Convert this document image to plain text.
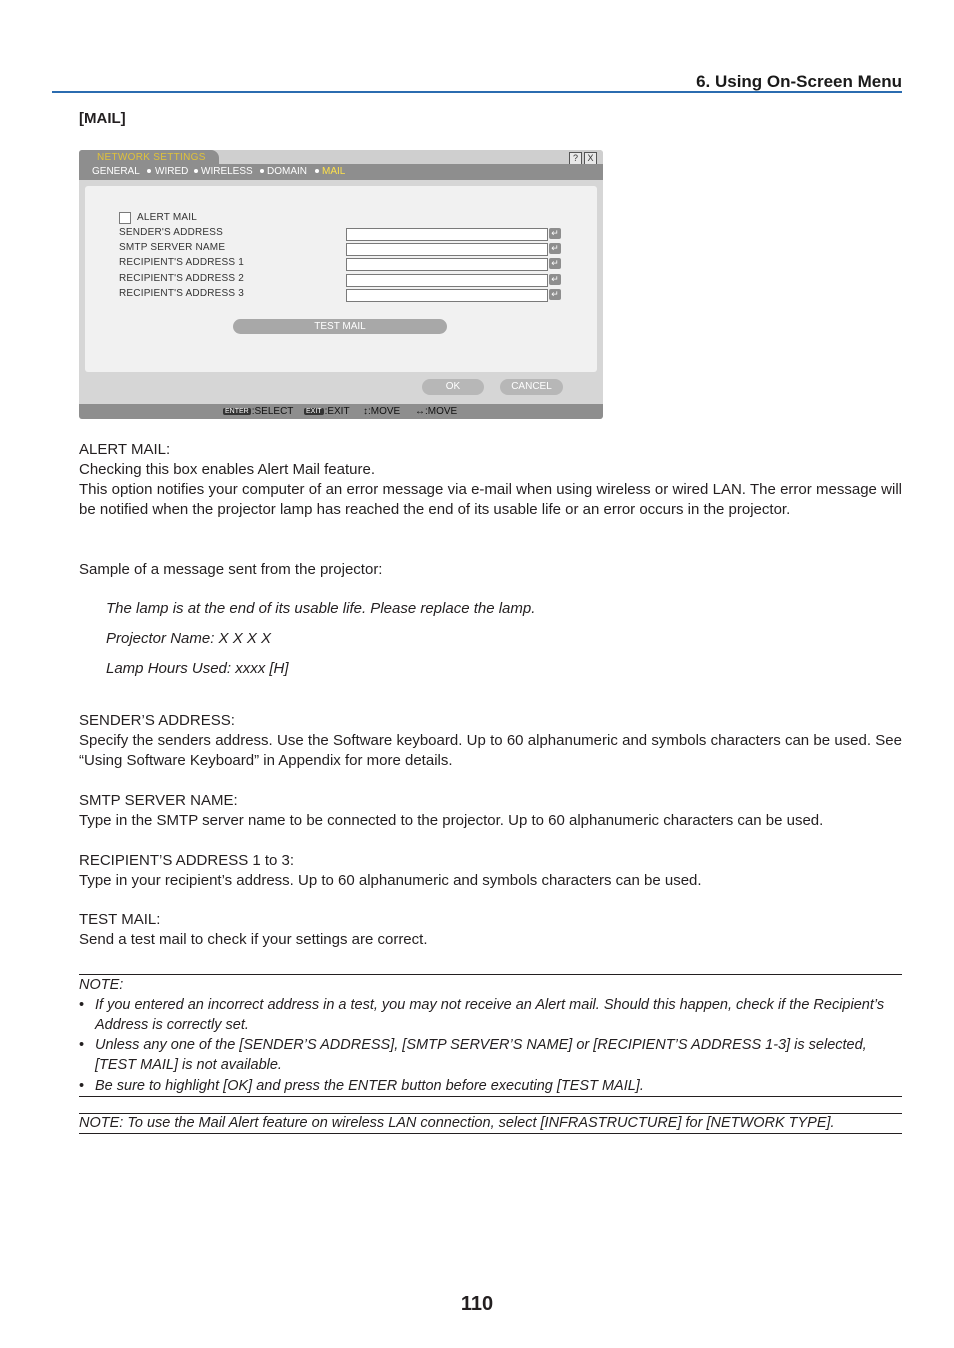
6. Using On-Screen Menu
[MAIL]
NETWORK SETTINGS	?	X
GENERAL WIRED WIRELESS DOMAIN MAIL
ALERT MAIL
SENDER'S ADDRESS	↵
SMTP SERVER NAME	↵
RECIPIENT'S ADDRESS 1	↵
RECIPIENT'S ADDRESS 2	↵
RECIPIENT'S ADDRESS 3	↵
TEST MAIL
OK	CANCEL
ENTER :SELECT EXIT :EXIT ↕:MOVE ↔:MOVE
ALERT MAIL:
Checking this box enables Alert Mail feature.
This option notifies your computer of an error message via e-mail when using wireless or wired LAN. The error message will be notified when the projector lamp has reached the end of its usable life or an error occurs in the projector.
Sample of a message sent from the projector:
The lamp is at the end of its usable life. Please replace the lamp.
Projector Name: X X X X
Lamp Hours Used: xxxx [H]
SENDER’S ADDRESS:
Specify the senders address. Use the Software keyboard. Up to 60 alphanumeric and symbols characters can be used. See “Using Software Keyboard” in Appendix for more details.
SMTP SERVER NAME:
Type in the SMTP server name to be connected to the projector. Up to 60 alphanumeric characters can be used.
RECIPIENT’S ADDRESS 1 to 3:
Type in your recipient’s address. Up to 60 alphanumeric and symbols characters can be used.
TEST MAIL:
Send a test mail to check if your settings are correct.
NOTE:
• If you entered an incorrect address in a test, you may not receive an Alert mail. Should this happen, check if the Recipient’s Address is correctly set.
• Unless any one of the [SENDER’S ADDRESS], [SMTP SERVER’S NAME] or [RECIPIENT’S ADDRESS 1-3] is selected, [TEST MAIL] is not available.
• Be sure to highlight [OK] and press the ENTER button before executing [TEST MAIL].
NOTE: To use the Mail Alert feature on wireless LAN connection, select [INFRASTRUCTURE] for [NETWORK TYPE].
110
